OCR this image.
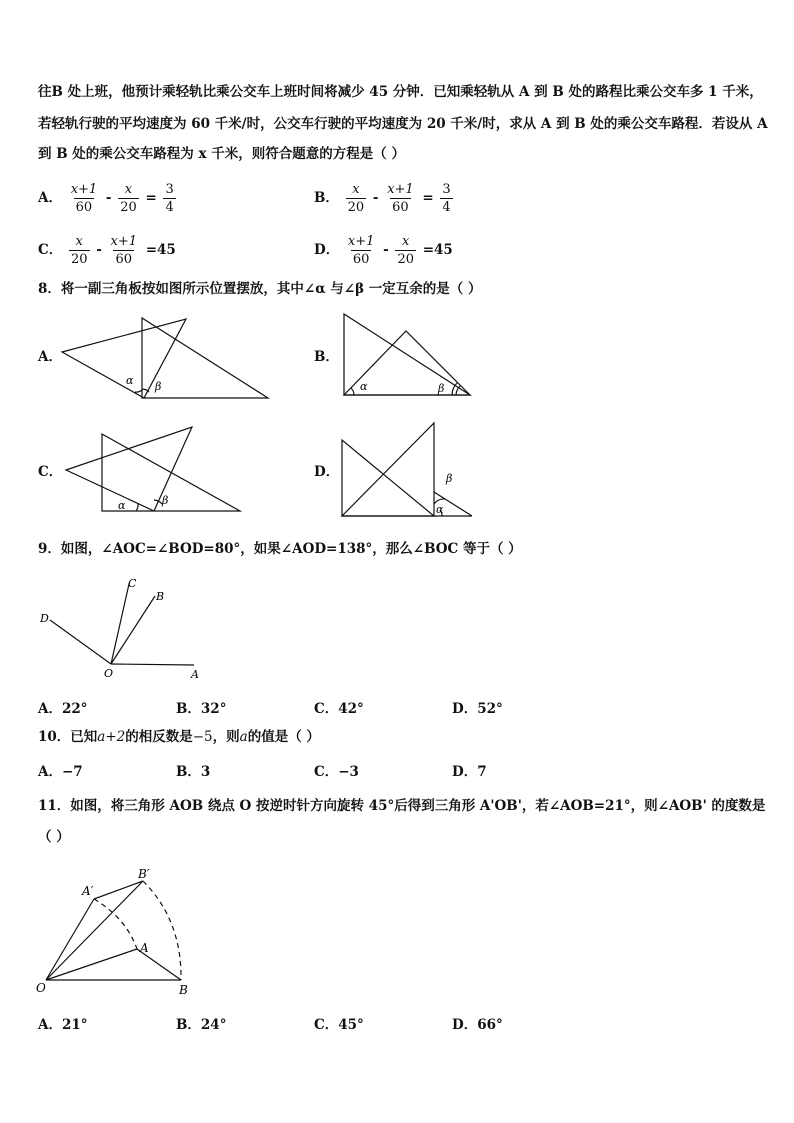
往B 处上班，他预计乘轻轨比乘公交车上班时间将减少 45 分钟．已知乘轻轨从 A 到 B 处的路程比乘公交车多 1 千米，
若轻轨行驶的平均速度为 60 千米/时，公交车行驶的平均速度为 20 千米/时，求从 A 到 B 处的乘公交车路程．若设从 A
到 B 处的乘公交车路程为 x 千米，则符合题意的方程是（ ）
A． $\frac{x+1}{60} - \frac{x}{20} = \frac{3}{4}$	B． $\frac{x}{20} - \frac{x+1}{60} = \frac{3}{4}$
C． $\frac{x}{20} - \frac{x+1}{60} =45$	D． $\frac{x+1}{60} - \frac{x}{20} =45$
8．将一副三角板按如图所示位置摆放，其中∠α 与∠β 一定互余的是（ ）
A．
α β
B．
α	β
C．
α	β
D．	β
α
9．如图，∠AOC=∠BOD=80°，如果∠AOD=138°，那么∠BOC 等于（ ）
C
B
D
O	A
A．22°	B．32°	C．42°	D．52°
10．已知a+2的相反数是−5，则a的值是（ ）
A．−7	B．3	C．−3	D．7
11．如图，将三角形 AOB 绕点 O 按逆时针方向旋转 45°后得到三角形 A'OB'，若∠AOB=21°，则∠AOB' 的度数是
（ ）
O
A
B
A′
B′
A．21°	B．24°	C．45°	D．66°
